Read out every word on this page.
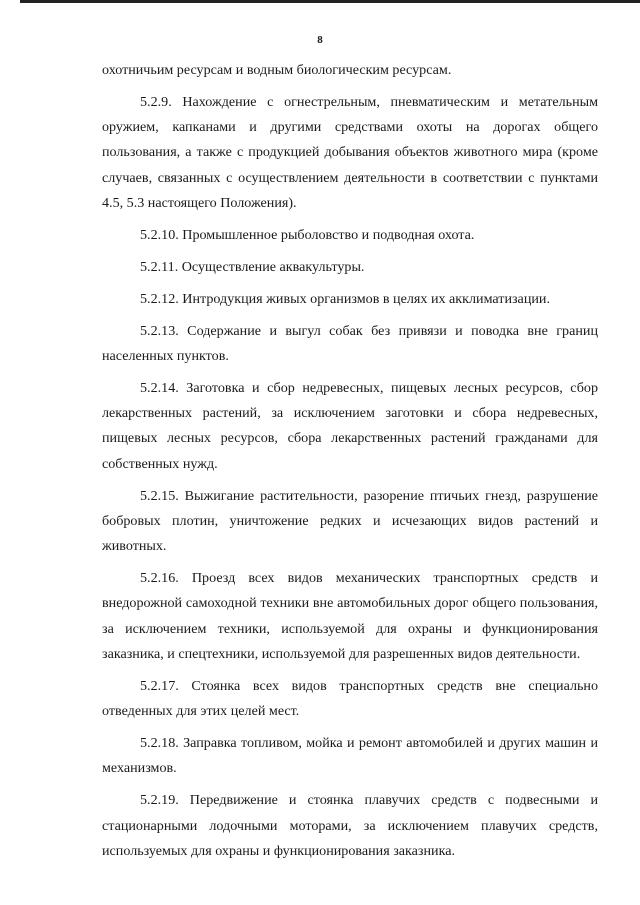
8

охотничьим ресурсам и водным биологическим ресурсам.

5.2.9. Нахождение с огнестрельным, пневматическим и метательным оружием, капканами и другими средствами охоты на дорогах общего пользования, а также с продукцией добывания объектов животного мира (кроме случаев, связанных с осуществлением деятельности в соответствии с пунктами 4.5, 5.3 настоящего Положения).

5.2.10. Промышленное рыболовство и подводная охота.

5.2.11. Осуществление аквакультуры.

5.2.12. Интродукция живых организмов в целях их акклиматизации.

5.2.13. Содержание и выгул собак без привязи и поводка вне границ населенных пунктов.

5.2.14. Заготовка и сбор недревесных, пищевых лесных ресурсов, сбор лекарственных растений, за исключением заготовки и сбора недревесных, пищевых лесных ресурсов, сбора лекарственных растений гражданами для собственных нужд.

5.2.15. Выжигание растительности, разорение птичьих гнезд, разрушение бобровых плотин, уничтожение редких и исчезающих видов растений и животных.

5.2.16. Проезд всех видов механических транспортных средств и внедорожной самоходной техники вне автомобильных дорог общего пользования, за исключением техники, используемой для охраны и функционирования заказника, и спецтехники, используемой для разрешенных видов деятельности.

5.2.17. Стоянка всех видов транспортных средств вне специально отведенных для этих целей мест.

5.2.18. Заправка топливом, мойка и ремонт автомобилей и других машин и механизмов.

5.2.19. Передвижение и стоянка плавучих средств с подвесными и стационарными лодочными моторами, за исключением плавучих средств, используемых для охраны и функционирования заказника.
